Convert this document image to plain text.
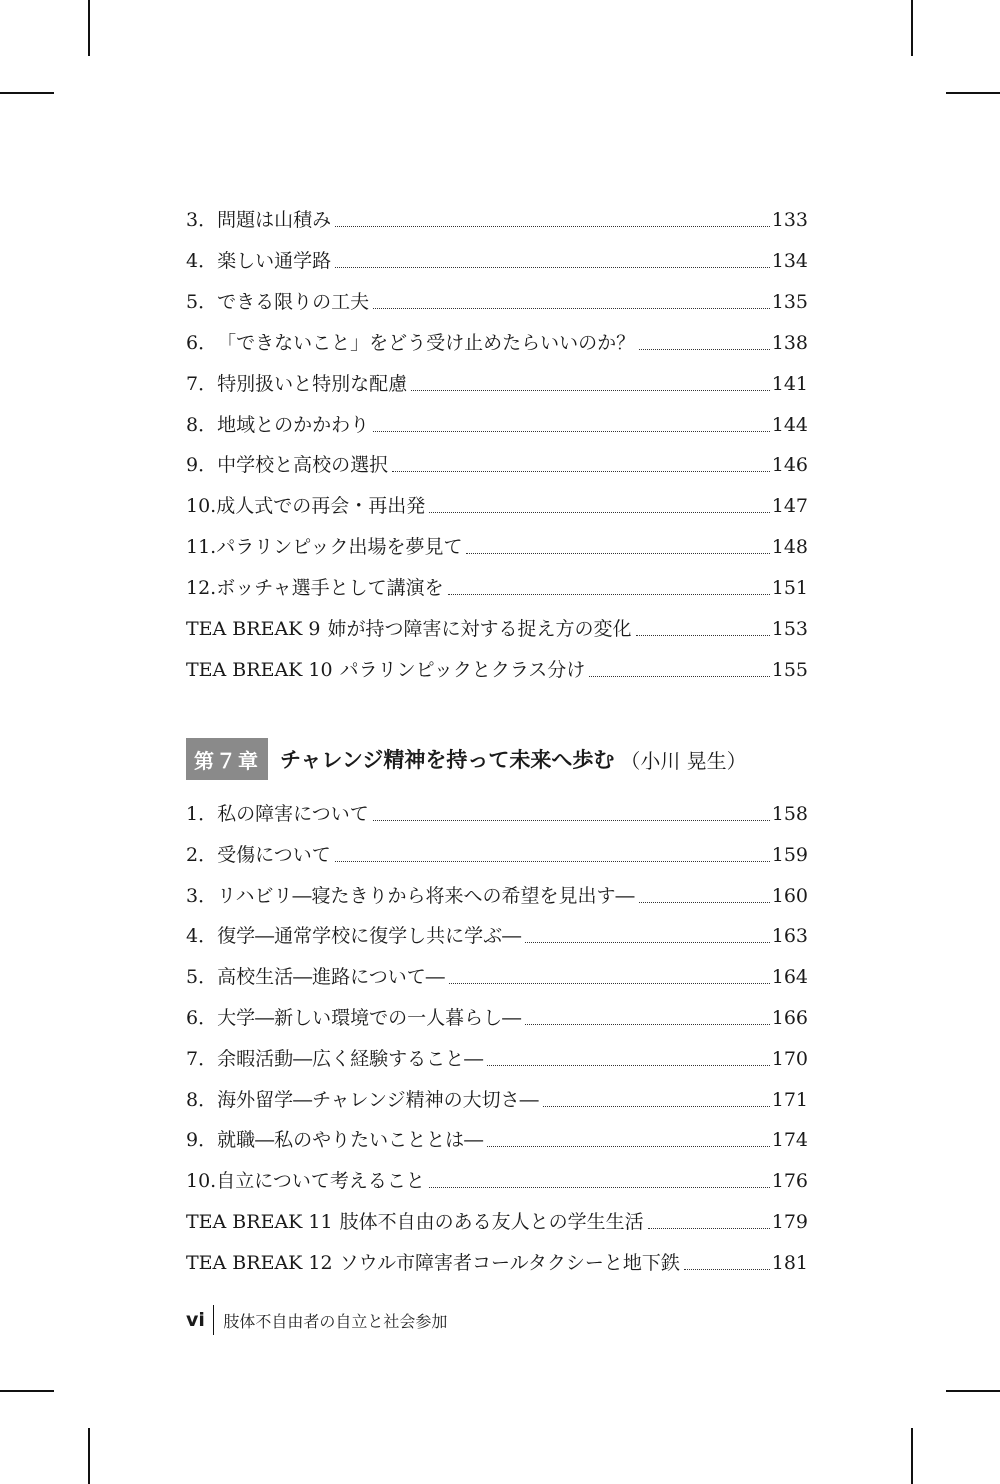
3． 問題は山積み	133
4． 楽しい通学路	134
5． できる限りの工夫	135
6． 「できないこと」をどう受け止めたらいいのか？	138
7． 特別扱いと特別な配慮	141
8． 地域とのかかわり	144
9． 中学校と高校の選択	146
10. 成人式での再会・再出発	147
11. パラリンピック出場を夢見て	148
12. ボッチャ選手として講演を	151
TEA BREAK 9 姉が持つ障害に対する捉え方の変化	153
TEA BREAK 10 パラリンピックとクラス分け	155
第７章 チャレンジ精神を持って未来へ歩む （小川 晃生）
1． 私の障害について	158
2． 受傷について	159
3． リハビリ―寝たきりから将来への希望を見出す―	160
4． 復学―通常学校に復学し共に学ぶ―	163
5． 高校生活―進路について―	164
6． 大学―新しい環境での一人暮らし―	166
7． 余暇活動―広く経験すること―	170
8． 海外留学―チャレンジ精神の大切さ―	171
9． 就職―私のやりたいこととは―	174
10. 自立について考えること	176
TEA BREAK 11 肢体不自由のある友人との学生生活	179
TEA BREAK 12 ソウル市障害者コールタクシーと地下鉄	181
vi 肢体不自由者の自立と社会参加
